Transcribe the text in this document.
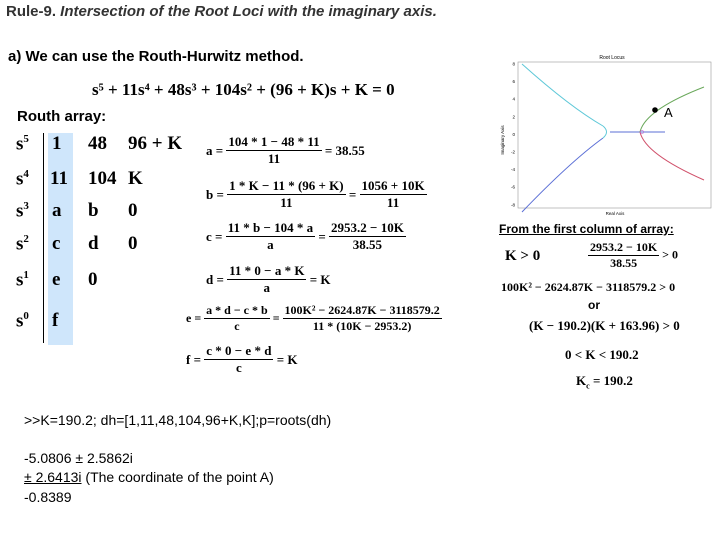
Rule-9. Intersection of the Root Loci with the imaginary axis.
a) We can use the Routh-Hurwitz method.
s⁵ + 11s⁴ + 48s³ + 104s² + (96 + K)s + K = 0
Routh array:
$s^5$ 1 48 96 + K
$s^4$ 11 104 K
$s^3$ a b 0
$s^2$ c d 0
$s^1$ e 0
$s^0$ f
$a = \frac{104 * 1 - 48 * 11}{11} = 38.55$
$b = \frac{1 * K - 11 * (96 + K)}{11} = \frac{1056 + 10K}{11}$
$c = \frac{11 * b - 104 * a}{a} = \frac{2953.2 - 10K}{38.55}$
$d = \frac{11 * 0 - a * K}{a} = K$
$e = \frac{a * d - c * b}{c} = \frac{\text{100K² − 2624.87K − 3118579.2}}{11 * (10K - 2953.2)}$
$f = \frac{c * 0 - e * d}{c} = K$
Root Locus
Imaginary Axis
Real Axis
8
6
4
2
0
-2
-4
-6
-8
A
From the first column of array:
K > 0	$\frac{2953.2 - 10K}{38.55} > 0$
100K² − 2624.87K − 3118579.2 > 0
or
(K − 190.2)(K + 163.96) > 0
0 < K < 190.2
$K_c = 190.2$
>>K=190.2; dh=[1,11,48,104,96+K,K];p=roots(dh)
-5.0806 ± 2.5862i
± 2.6413i (The coordinate of the point A)
-0.8389
